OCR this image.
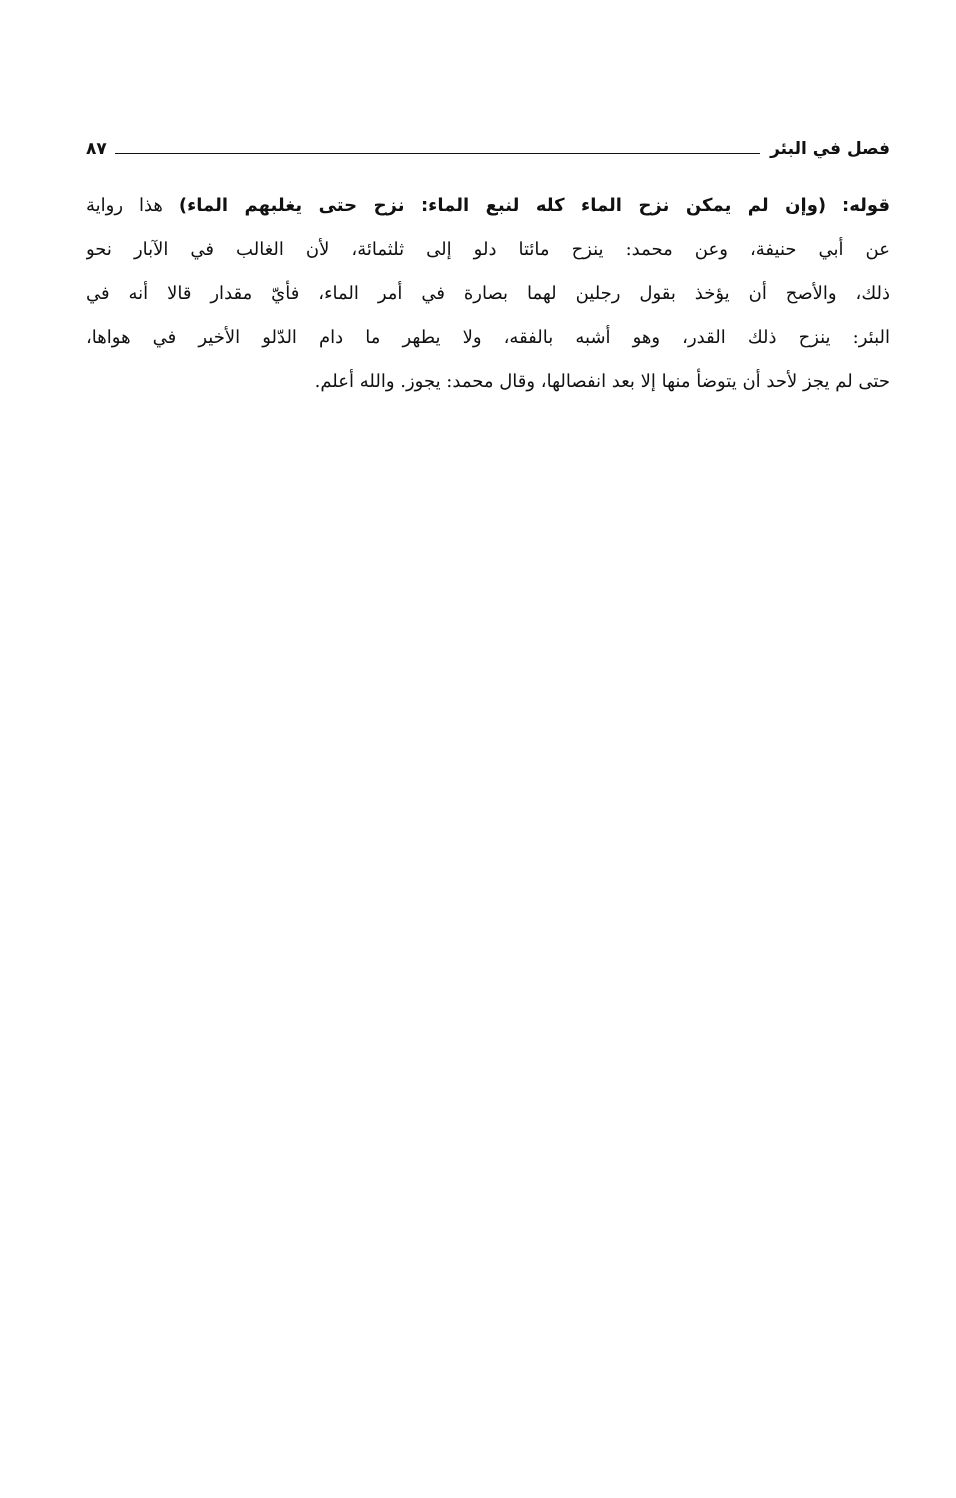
فصل في البئر
٨٧
قوله: (وإن لم يمكن نزح الماء كله لنبع الماء: نزح حتى يغلبهم الماء) هذا رواية
عن أبي حنيفة، وعن محمد: ينزح مائتا دلو إلى ثلثمائة، لأن الغالب في الآبار نحو
ذلك، والأصح أن يؤخذ بقول رجلين لهما بصارة في أمر الماء، فأيّ مقدار قالا أنه في
البئر: ينزح ذلك القدر، وهو أشبه بالفقه، ولا يطهر ما دام الدّلو الأخير في هواها،
حتى لم يجز لأحد أن يتوضأ منها إلا بعد انفصالها، وقال محمد: يجوز. والله أعلم.
